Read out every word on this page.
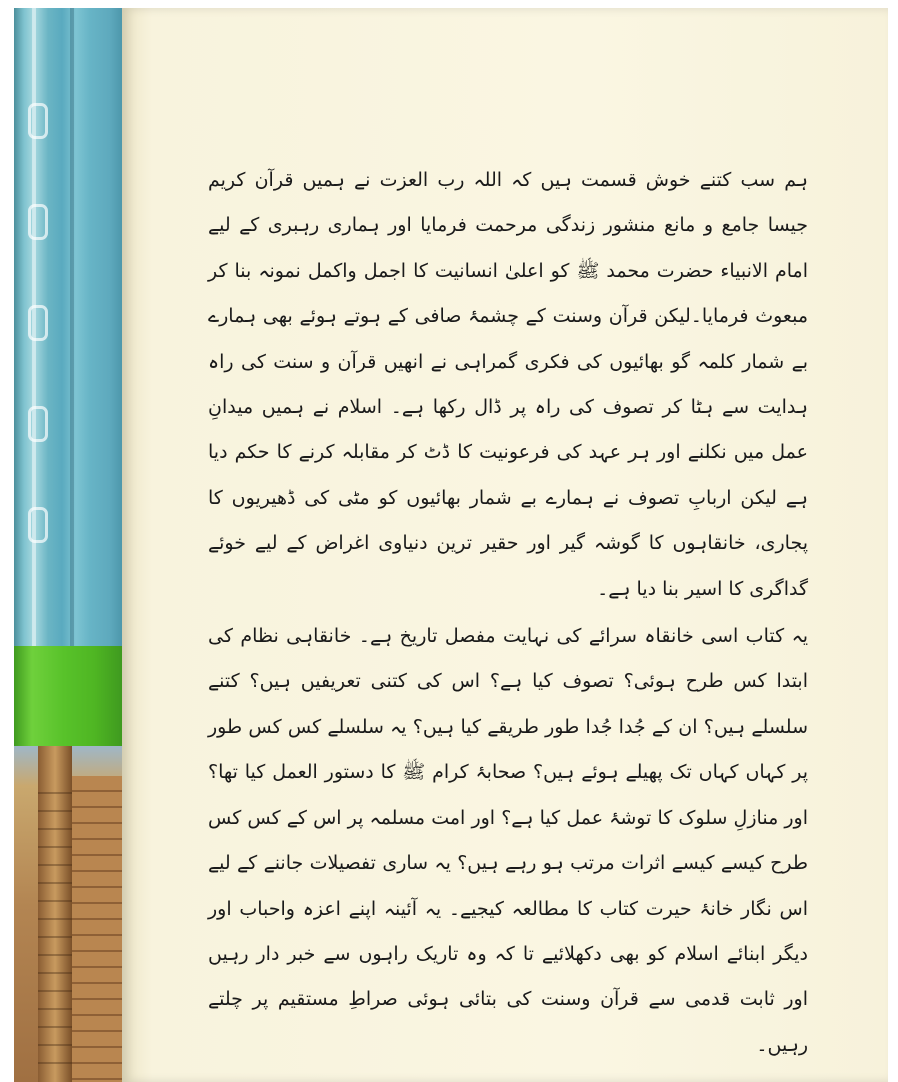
ہم سب کتنے خوش قسمت ہیں کہ اللہ رب العزت نے ہمیں قرآن کریم جیسا جامع و مانع منشور زندگی مرحمت فرمایا اور ہماری رہبری کے لیے امام الانبیاء حضرت محمد ﷺ کو اعلیٰ انسانیت کا اجمل واکمل نمونہ بنا کر مبعوث فرمایا۔لیکن قرآن وسنت کے چشمۂ صافی کے ہوتے ہوئے بھی ہمارے بے شمار کلمہ گو بھائیوں کی فکری گمراہی نے انھیں قرآن و سنت کی راہ ہدایت سے ہٹا کر تصوف کی راہ پر ڈال رکھا ہے۔ اسلام نے ہمیں میدانِ عمل میں نکلنے اور ہر عہد کی فرعونیت کا ڈٹ کر مقابلہ کرنے کا حکم دیا ہے لیکن اربابِ تصوف نے ہمارے بے شمار بھائیوں کو مٹی کی ڈھیریوں کا پجاری، خانقاہوں کا گوشہ گیر اور حقیر ترین دنیاوی اغراض کے لیے خوئے گداگری کا اسیر بنا دیا ہے۔

یہ کتاب اسی خانقاہ سرائے کی نہایت مفصل تاریخ ہے۔ خانقاہی نظام کی ابتدا کس طرح ہوئی؟ تصوف کیا ہے؟ اس کی کتنی تعریفیں ہیں؟ کتنے سلسلے ہیں؟ ان کے جُدا جُدا طور طریقے کیا ہیں؟ یہ سلسلے کس کس طور پر کہاں کہاں تک پھیلے ہوئے ہیں؟ صحابۂ کرام ﷺ کا دستور العمل کیا تھا؟ اور منازلِ سلوک کا توشۂ عمل کیا ہے؟ اور امت مسلمہ پر اس کے کس کس طرح کیسے کیسے اثرات مرتب ہو رہے ہیں؟ یہ ساری تفصیلات جاننے کے لیے اس نگار خانۂ حیرت کتاب کا مطالعہ کیجیے۔ یہ آئینہ اپنے اعزہ واحباب اور دیگر ابنائے اسلام کو بھی دکھلائیے تا کہ وہ تاریک راہوں سے خبر دار رہیں اور ثابت قدمی سے قرآن وسنت کی بتائی ہوئی صراطِ مستقیم پر چلتے رہیں۔
